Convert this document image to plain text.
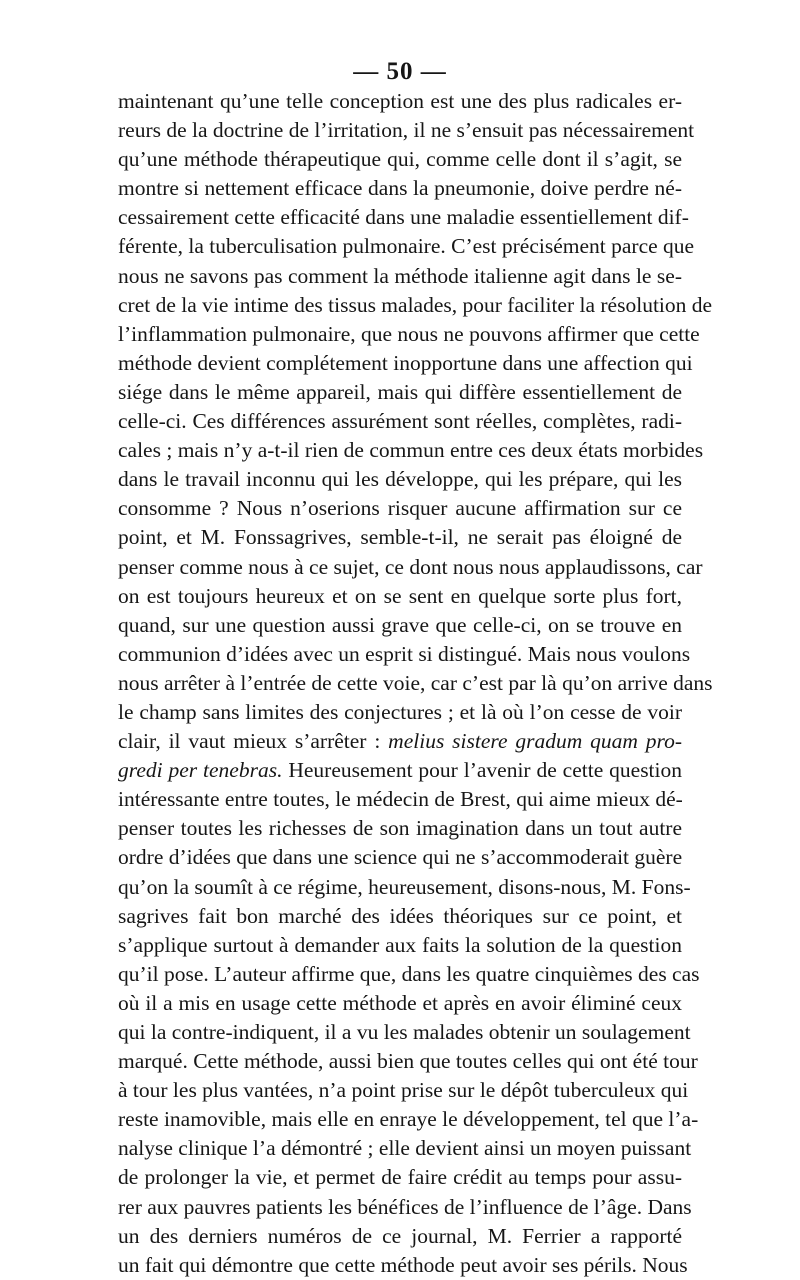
— 50 —
maintenant qu’une telle conception est une des plus radicales er-
reurs de la doctrine de l’irritation, il ne s’ensuit pas nécessairement
qu’une méthode thérapeutique qui, comme celle dont il s’agit, se
montre si nettement efficace dans la pneumonie, doive perdre né-
cessairement cette efficacité dans une maladie essentiellement dif-
férente, la tuberculisation pulmonaire. C’est précisément parce que
nous ne savons pas comment la méthode italienne agit dans le se-
cret de la vie intime des tissus malades, pour faciliter la résolution de
l’inflammation pulmonaire, que nous ne pouvons affirmer que cette
méthode devient complétement inopportune dans une affection qui
siége dans le même appareil, mais qui diffère essentiellement de
celle-ci. Ces différences assurément sont réelles, complètes, radi-
cales ; mais n’y a-t-il rien de commun entre ces deux états morbides
dans le travail inconnu qui les développe, qui les prépare, qui les
consomme ? Nous n’oserions risquer aucune affirmation sur ce
point, et M. Fonssagrives, semble-t-il, ne serait pas éloigné de
penser comme nous à ce sujet, ce dont nous nous applaudissons, car
on est toujours heureux et on se sent en quelque sorte plus fort,
quand, sur une question aussi grave que celle-ci, on se trouve en
communion d’idées avec un esprit si distingué. Mais nous voulons
nous arrêter à l’entrée de cette voie, car c’est par là qu’on arrive dans
le champ sans limites des conjectures ; et là où l’on cesse de voir
clair, il vaut mieux s’arrêter : melius sistere gradum quam pro-
gredi per tenebras. Heureusement pour l’avenir de cette question
intéressante entre toutes, le médecin de Brest, qui aime mieux dé-
penser toutes les richesses de son imagination dans un tout autre
ordre d’idées que dans une science qui ne s’accommoderait guère
qu’on la soumît à ce régime, heureusement, disons-nous, M. Fons-
sagrives fait bon marché des idées théoriques sur ce point, et
s’applique surtout à demander aux faits la solution de la question
qu’il pose. L’auteur affirme que, dans les quatre cinquièmes des cas
où il a mis en usage cette méthode et après en avoir éliminé ceux
qui la contre-indiquent, il a vu les malades obtenir un soulagement
marqué. Cette méthode, aussi bien que toutes celles qui ont été tour
à tour les plus vantées, n’a point prise sur le dépôt tuberculeux qui
reste inamovible, mais elle en enraye le développement, tel que l’a-
nalyse clinique l’a démontré ; elle devient ainsi un moyen puissant
de prolonger la vie, et permet de faire crédit au temps pour assu-
rer aux pauvres patients les bénéfices de l’influence de l’âge. Dans
un des derniers numéros de ce journal, M. Ferrier a rapporté
un fait qui démontre que cette méthode peut avoir ses périls. Nous
